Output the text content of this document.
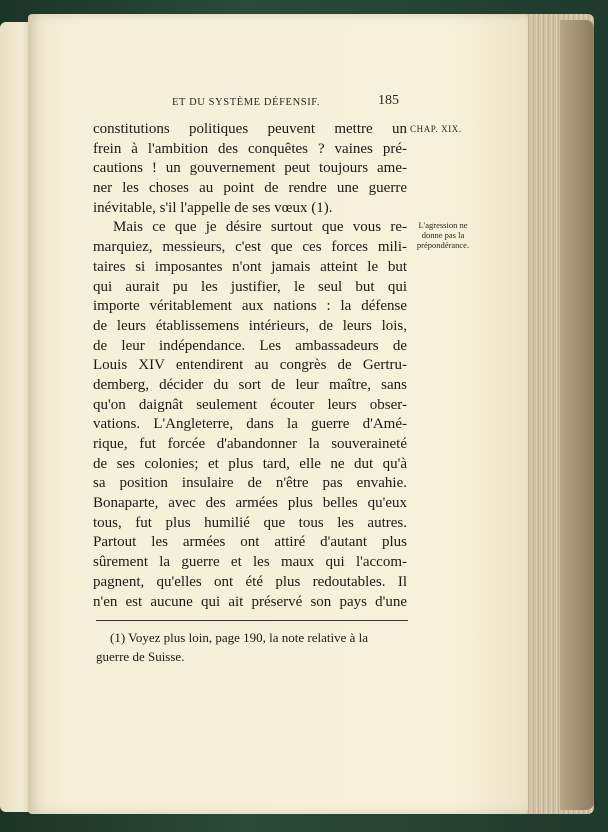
ET DU SYSTÈME DÉFENSIF.	185
CHAP. XIX.
L'agression ne
donne pas la
prépondérance.
constitutions politiques peuvent mettre un
frein à l'ambition des conquêtes ? vaines pré-
cautions ! un gouvernement peut toujours ame-
ner les choses au point de rendre une guerre
inévitable, s'il l'appelle de ses vœux (1).
Mais ce que je désire surtout que vous re-
marquiez, messieurs, c'est que ces forces mili-
taires si imposantes n'ont jamais atteint le but
qui aurait pu les justifier, le seul but qui
importe véritablement aux nations : la défense
de leurs établissemens intérieurs, de leurs lois,
de leur indépendance. Les ambassadeurs de
Louis XIV entendirent au congrès de Gertru-
demberg, décider du sort de leur maître, sans
qu'on daignât seulement écouter leurs obser-
vations. L'Angleterre, dans la guerre d'Amé-
rique, fut forcée d'abandonner la souveraineté
de ses colonies; et plus tard, elle ne dut qu'à
sa position insulaire de n'être pas envahie.
Bonaparte, avec des armées plus belles qu'eux
tous, fut plus humilié que tous les autres.
Partout les armées ont attiré d'autant plus
sûrement la guerre et les maux qui l'accom-
pagnent, qu'elles ont été plus redoutables. Il
n'en est aucune qui ait préservé son pays d'une
(1) Voyez plus loin, page 190, la note relative à la
guerre de Suisse.
